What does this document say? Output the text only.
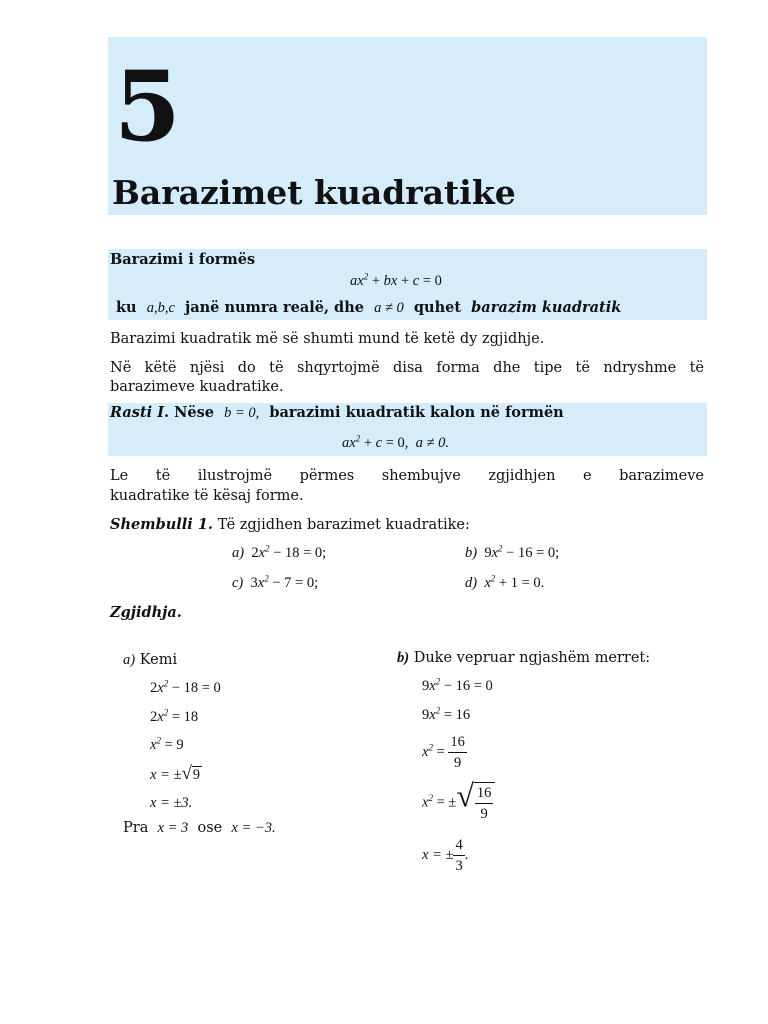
5
Barazimet kuadratike
Barazimi i formës
$ax^2$ + bx + c = 0
ku a,b,c janë numra realë, dhe a ≠ 0 quhet barazim kuadratik
Barazimi kuadratik më së shumti mund të ketë dy zgjidhje.
Në këtë njësi do të shqyrtojmë disa forma dhe tipe të ndryshme të
barazimeve kuadratike.
Rasti I. Nëse b = 0, barazimi kuadratik kalon në formën
$ax^2 + c = 0$, a ≠ 0.
Le të ilustrojmë përmes shembujve zgjidhjen e barazimeve
kuadratike të kësaj forme.
Shembulli 1. Të zgjidhen barazimet kuadratike:
a) $2x^2 - 18 = 0$;	b) $9x^2 - 16 = 0$;
c) $3x^2 - 7 = 0$;	d)  $x^2 + 1 = 0$.
Zgjidhja.
a) Kemi
$2x^2 - 18 = 0$
$2x^2 = 18$
$x^2 = 9$
x = ±√9
x = ±3.
Pra x = 3 ose x = −3.
b) Duke vepruar ngjashëm merret:
$9x^2 - 16 = 0$
$9x^2 = 16$
$x^2 = \frac{16}{9}$
$x^2$ = ±√ $\frac{16}{9}$
x = ± $\frac{4}{3}$ .
